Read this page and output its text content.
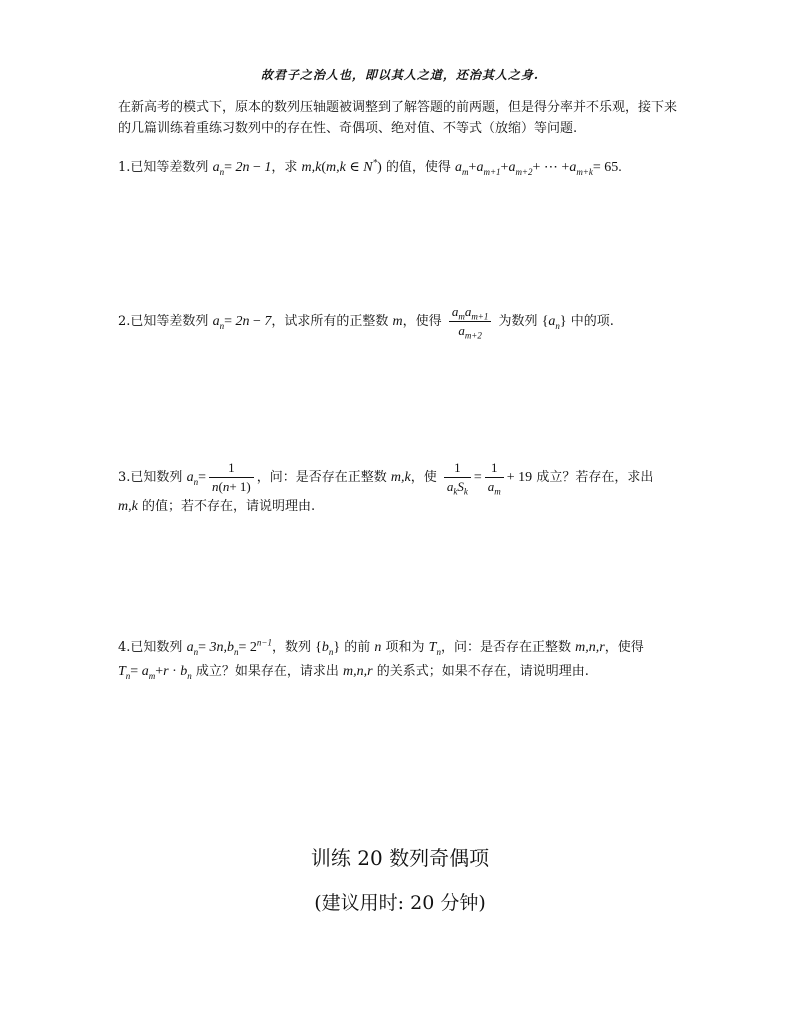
故君子之治人也，即以其人之道，还治其人之身.
在新高考的模式下，原本的数列压轴题被调整到了解答题的前两题，但是得分率并不乐观，接下来的几篇训练着重练习数列中的存在性、奇偶项、绝对值、不等式（放缩）等问题.
1.已知等差数列 $a_n= 2n - 1$，求 m,k(m,k ∈ N*) 的值，使得 $a_m+a_{m+1}+a_{m+2}+$ ⋯ $+a_{m+k}= 65$.
2.已知等差数列 $a_n= 2n - 7$，试求所有的正整数 m，使得 $\frac{a_ma_{m+1}}{a_{m+2}}$ 为数列 $\{a_n\}$ 中的项.
3.已知数列 $a_n= \frac{1}{n(n+ 1)}$ ，问：是否存在正整数 m,k，使 $\frac{1}{a_kS_k} = \frac{1}{a_m} + 19$ 成立？若存在，求出
m,k 的值；若不存在，请说明理由.
4.已知数列 $a_n= 3n,b_n= 2^{n-1}$，数列 $\{b_n\}$ 的前 n 项和为 $T_n$，问：是否存在正整数 m,n,r，使得
$T_n= a_m+r \cdot b_n$ 成立？如果存在，请求出 m,n,r 的关系式；如果不存在，请说明理由.
训练 20 数列奇偶项
(建议用时: 20 分钟)
